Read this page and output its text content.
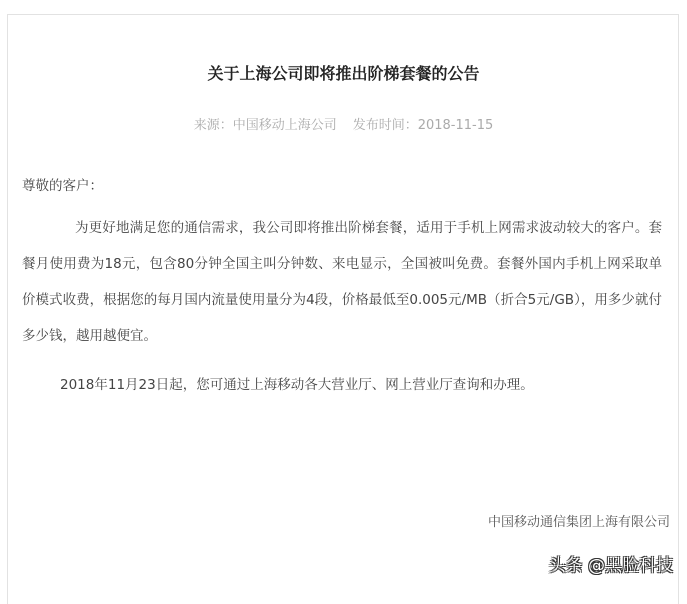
关于上海公司即将推出阶梯套餐的公告
来源：中国移动上海公司 发布时间：2018-11-15
尊敬的客户：
为更好地满足您的通信需求，我公司即将推出阶梯套餐，适用于手机上网需求波动较大的客户。套餐月使用费为18元，包含80分钟全国主叫分钟数、来电显示，全国被叫免费。套餐外国内手机上网采取单价模式收费，根据您的每月国内流量使用量分为4段，价格最低至0.005元/MB（折合5元/GB），用多少就付多少钱，越用越便宜。
2018年11月23日起，您可通过上海移动各大营业厅、网上营业厅查询和办理。
中国移动通信集团上海有限公司
头条 @黑脸科技
